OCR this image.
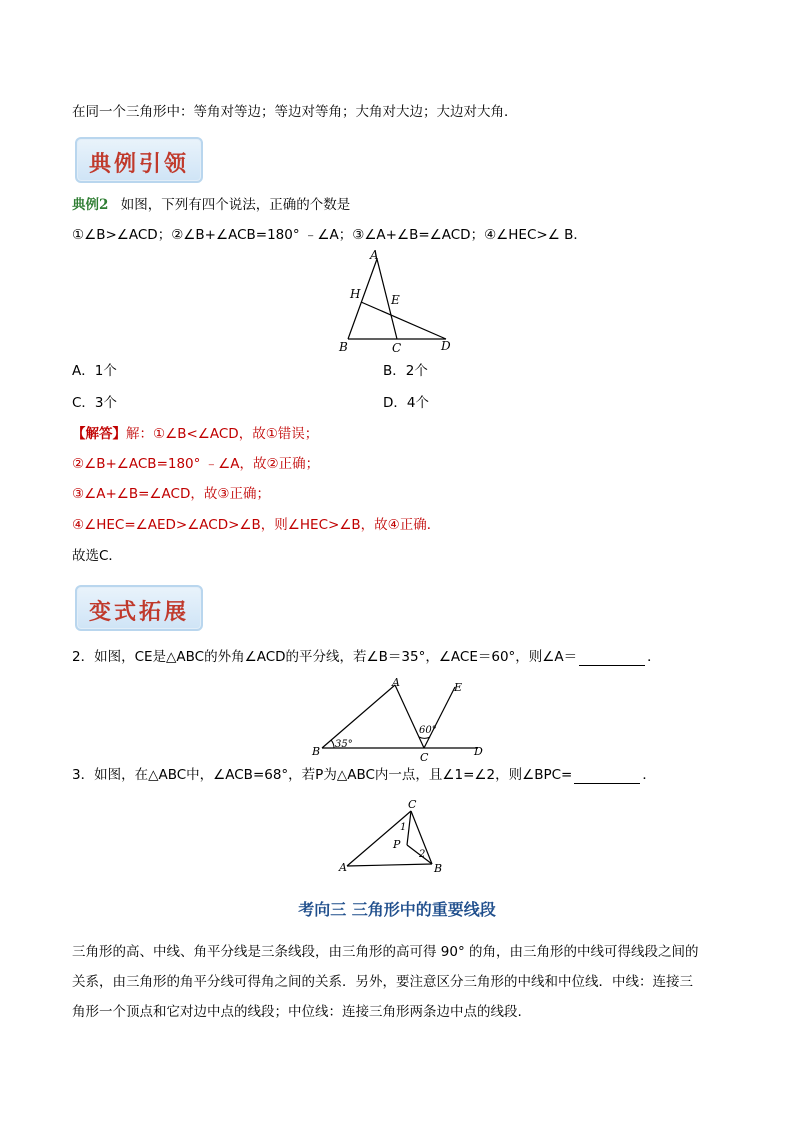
在同一个三角形中：等角对等边；等边对等角；大角对大边；大边对大角．
典例引领
典例2 如图，下列有四个说法，正确的个数是
①∠B>∠ACD；②∠B+∠ACB=180° ﹣∠A；③∠A+∠B=∠ACD；④∠HEC>∠ B．
A
H	E
B	C	D
A．1个	B．2个
C．3个	D．4个
【解答】解：①∠B<∠ACD，故①错误；
②∠B+∠ACB=180° ﹣∠A，故②正确；
③∠A+∠B=∠ACD，故③正确；
④∠HEC=∠AED>∠ACD>∠B，则∠HEC>∠B，故④正确．
故选C．
变式拓展
2．如图，CE是△ABC的外角∠ACD的平分线，若∠B＝35°，∠ACE＝60°，则∠A＝	．
A
B	C	D
E
35°
60°
3．如图，在△ABC中，∠ACB=68°，若P为△ABC内一点，且∠1=∠2，则∠BPC=	．
C
A	B
P
1
2
考向三 三角形中的重要线段
三角形的高、中线、角平分线是三条线段，由三角形的高可得 90° 的角，由三角形的中线可得线段之间的
关系，由三角形的角平分线可得角之间的关系．另外，要注意区分三角形的中线和中位线．中线：连接三
角形一个顶点和它对边中点的线段；中位线：连接三角形两条边中点的线段.
